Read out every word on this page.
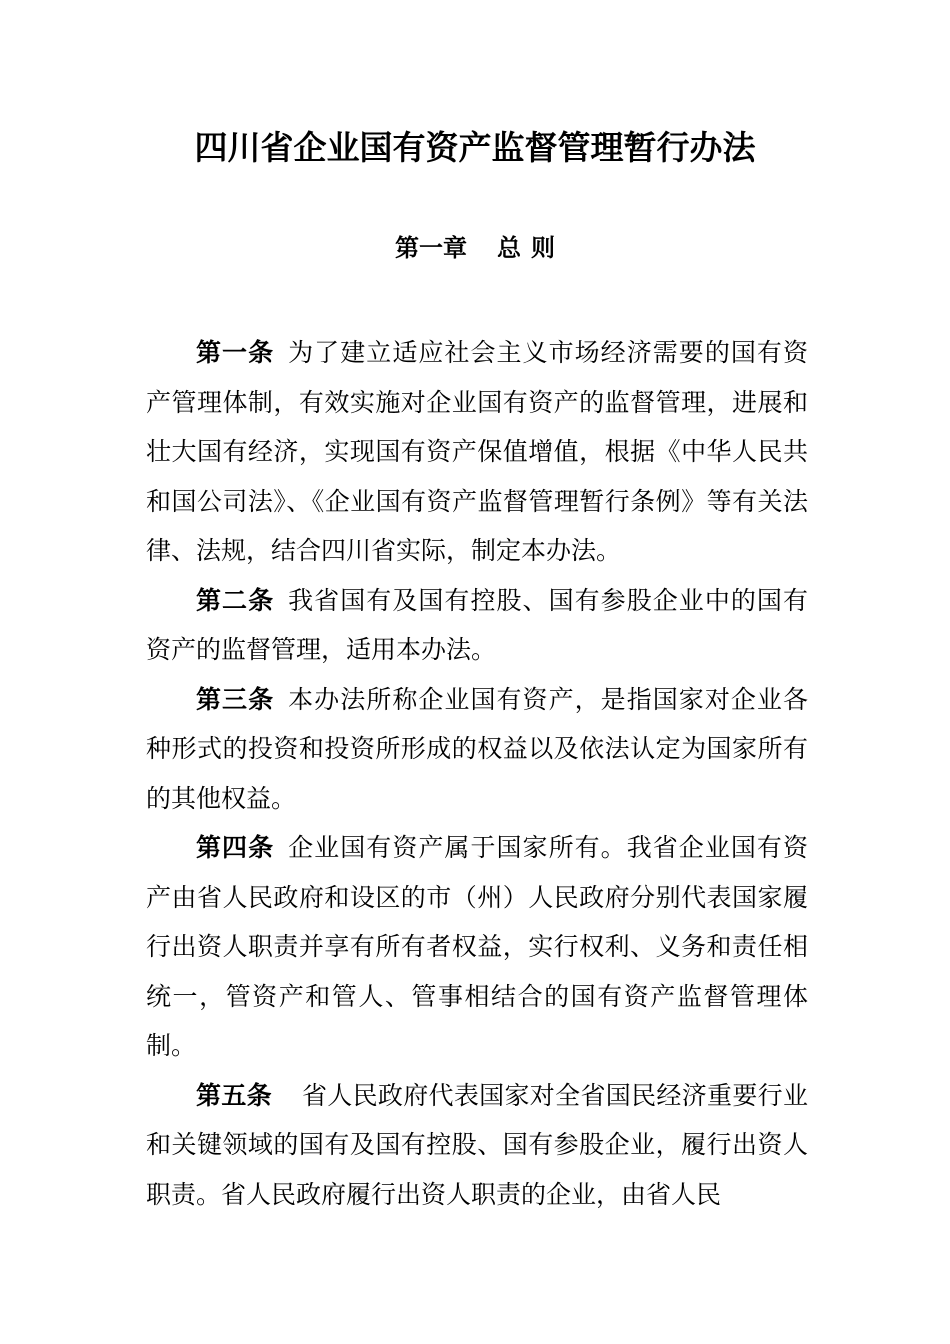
四川省企业国有资产监督管理暂行办法
第一章 总 则

第一条 为了建立适应社会主义市场经济需要的国有资产管理体制，有效实施对企业国有资产的监督管理，进展和壮大国有经济，实现国有资产保值增值，根据《中华人民共和国公司法》、《企业国有资产监督管理暂行条例》等有关法律、法规，结合四川省实际，制定本办法。

第二条 我省国有及国有控股、国有参股企业中的国有资产的监督管理，适用本办法。

第三条 本办法所称企业国有资产，是指国家对企业各种形式的投资和投资所形成的权益以及依法认定为国家所有的其他权益。

第四条 企业国有资产属于国家所有。我省企业国有资产由省人民政府和设区的市（州）人民政府分别代表国家履行出资人职责并享有所有者权益，实行权利、义务和责任相统一，管资产和管人、管事相结合的国有资产监督管理体制。

第五条 省人民政府代表国家对全省国民经济重要行业和关键领域的国有及国有控股、国有参股企业，履行出资人职责。省人民政府履行出资人职责的企业，由省人民
